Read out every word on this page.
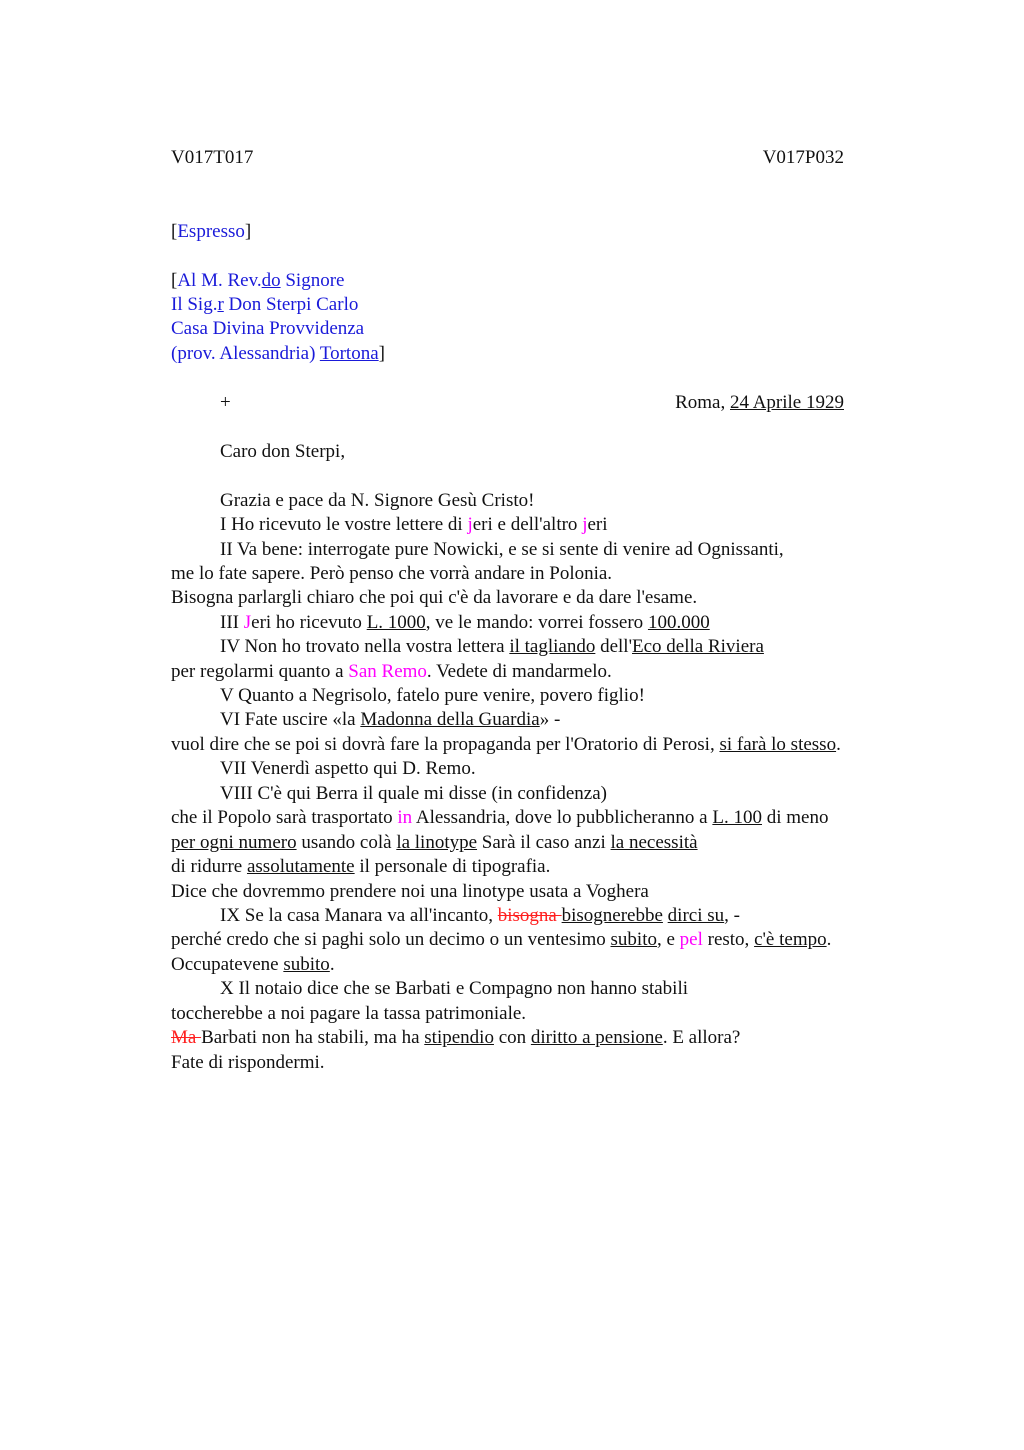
V017T017	V017P032
[Espresso]
[Al M. Rev.do Signore
Il Sig.r Don Sterpi Carlo
Casa Divina Provvidenza
(prov. Alessandria) Tortona]
+	Roma, 24 Aprile 1929
Caro don Sterpi,
Grazia e pace da N. Signore Gesù Cristo!
I Ho ricevuto le vostre lettere di jeri e dell'altro jeri
II Va bene: interrogate pure Nowicki, e se si sente di venire ad Ognissanti,
me lo fate sapere. Però penso che vorrà andare in Polonia.
Bisogna parlargli chiaro che poi qui c'è da lavorare e da dare l'esame.
III Jeri ho ricevuto L. 1000, ve le mando: vorrei fossero 100.000
IV Non ho trovato nella vostra lettera il tagliando dell'Eco della Riviera
per regolarmi quanto a San Remo. Vedete di mandarmelo.
V Quanto a Negrisolo, fatelo pure venire, povero figlio!
VI Fate uscire «la Madonna della Guardia» -
vuol dire che se poi si dovrà fare la propaganda per l'Oratorio di Perosi, si farà lo stesso.
VII Venerdì aspetto qui D. Remo.
VIII C'è qui Berra il quale mi disse (in confidenza)
che il Popolo sarà trasportato in Alessandria, dove lo pubblicheranno a L. 100 di meno
per ogni numero usando colà la linotype Sarà il caso anzi la necessità
di ridurre assolutamente il personale di tipografia.
Dice che dovremmo prendere noi una linotype usata a Voghera
IX Se la casa Manara va all'incanto, bisogna bisognerebbe dirci su, -
perché credo che si paghi solo un decimo o un ventesimo subito, e pel resto, c'è tempo.
Occupatevene subito.
X Il notaio dice che se Barbati e Compagno non hanno stabili
toccherebbe a noi pagare la tassa patrimoniale.
Ma Barbati non ha stabili, ma ha stipendio con diritto a pensione. E allora?
Fate di rispondermi.
